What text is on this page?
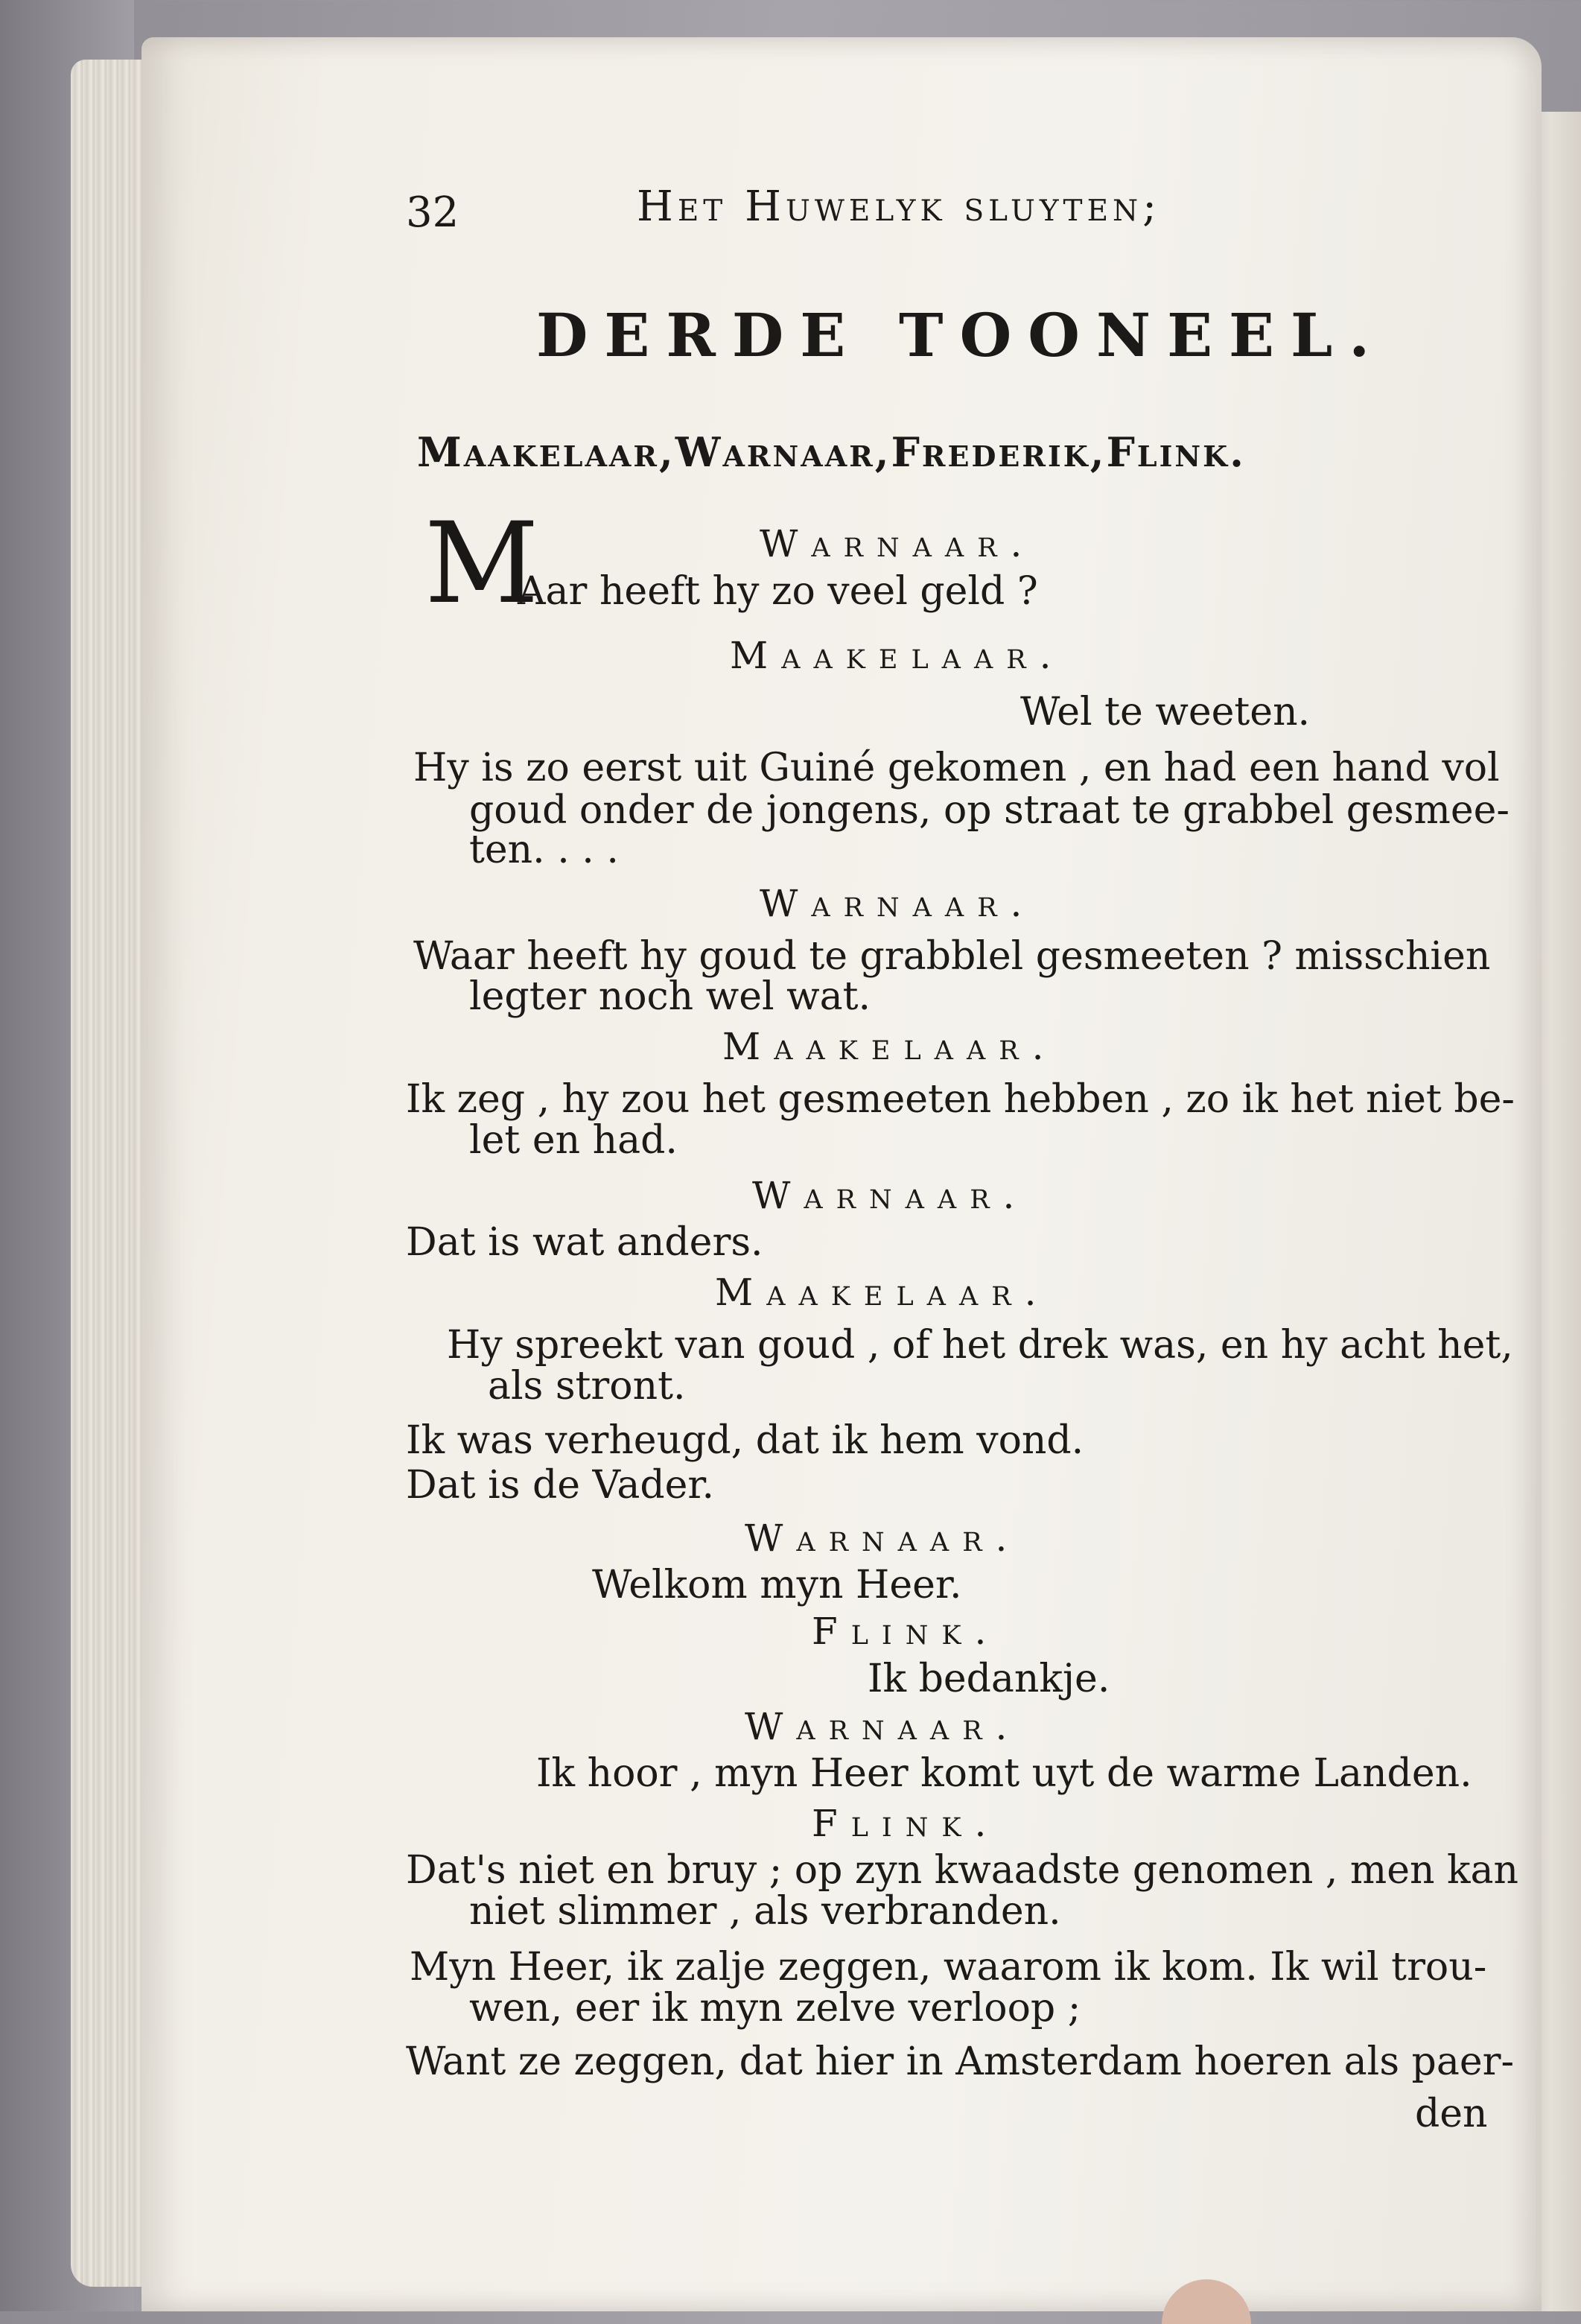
32	Het Huwelyk sluyten;
DERDE TOONEEL.
Maakelaar,Warnaar,Frederik,Flink.
Warnaar.
M
Aar heeft hy zo veel geld ?
Maakelaar.
Wel te weeten.
Hy is zo eerst uit Guiné gekomen , en had een hand vol
goud onder de jongens, op straat te grabbel gesmee-
ten. . . .
Warnaar.
Waar heeft hy goud te grabblel gesmeeten ? misschien
legter noch wel wat.
Maakelaar.
Ik zeg , hy zou het gesmeeten hebben , zo ik het niet be-
let en had.
Warnaar.
Dat is wat anders.
Maakelaar.
Hy spreekt van goud , of het drek was, en hy acht het,
als stront.
Ik was verheugd, dat ik hem vond.
Dat is de Vader.
Warnaar.
Welkom myn Heer.
Flink.
Ik bedankje.
Warnaar.
Ik hoor , myn Heer komt uyt de warme Landen.
Flink.
Dat's niet en bruy ; op zyn kwaadste genomen , men kan
niet slimmer , als verbranden.
Myn Heer, ik zalje zeggen, waarom ik kom. Ik wil trou-
wen, eer ik myn zelve verloop ;
Want ze zeggen, dat hier in Amsterdam hoeren als paer-
den
